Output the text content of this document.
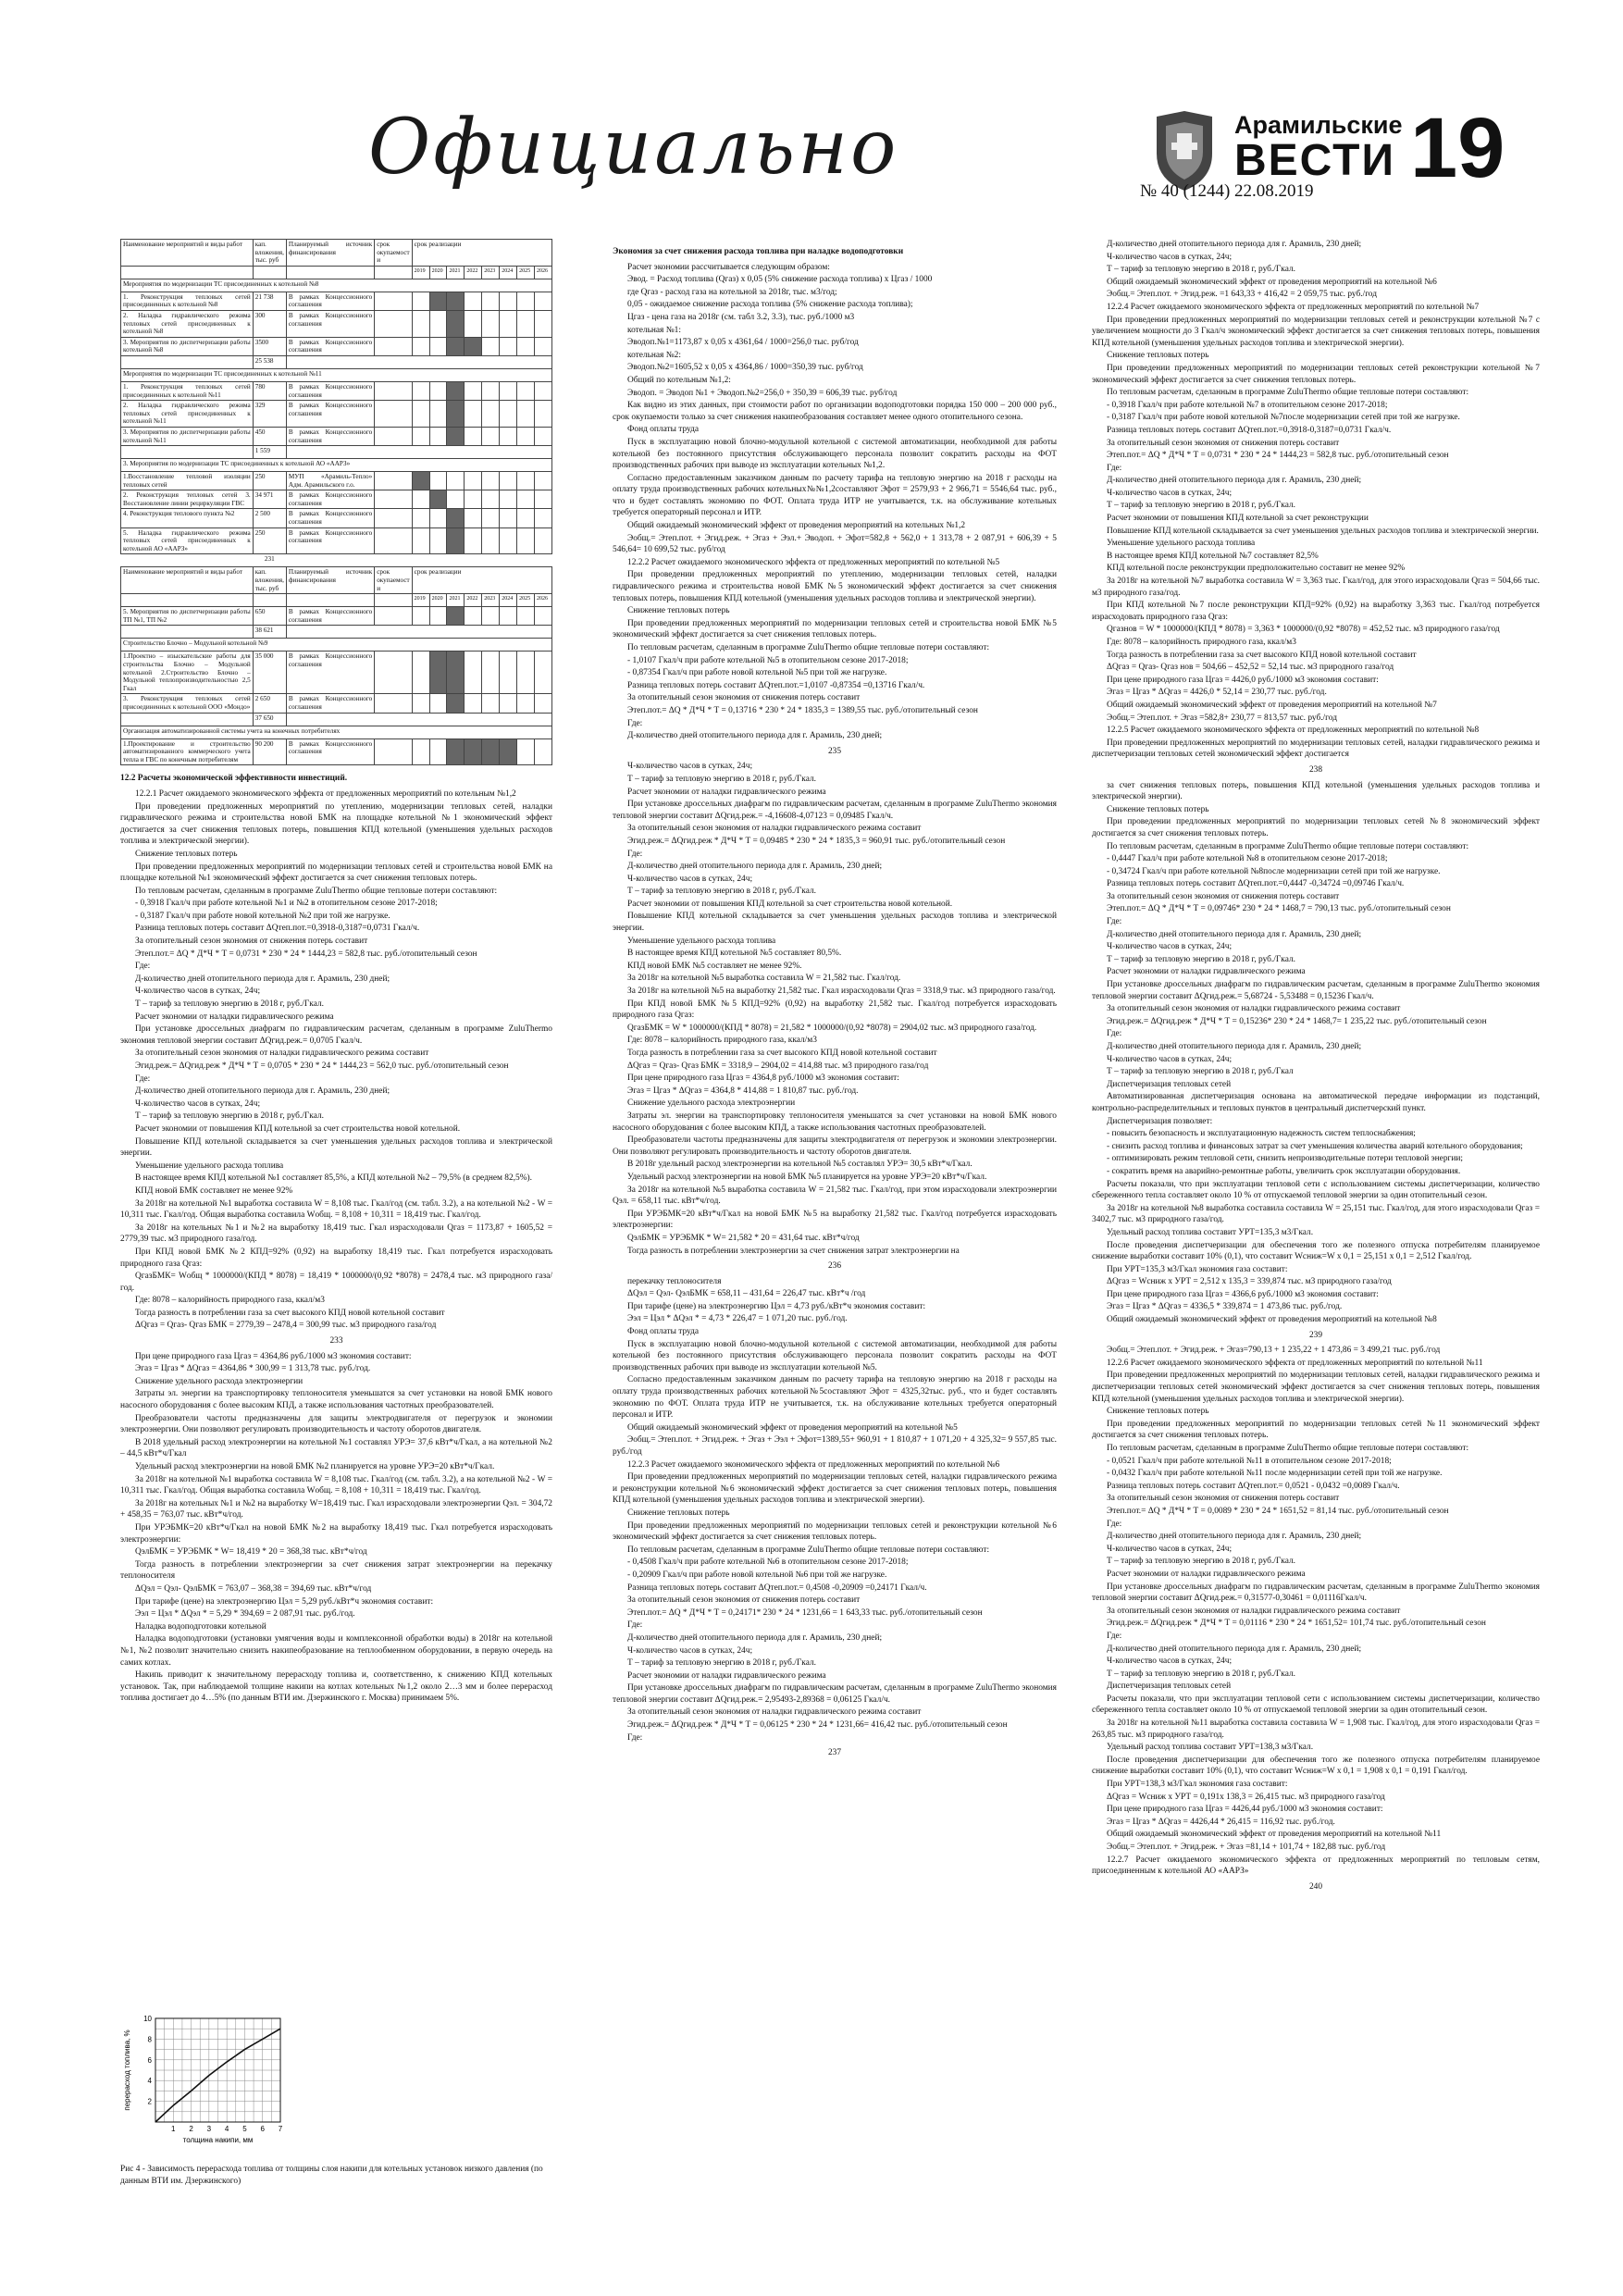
Официально	Арамильские
ВЕСТИ
№ 40 (1244) 22.08.2019 19
Наименование мероприятий и виды работ	кап. вложения, тыс. руб	Планируемый источник финансирования	срок окупаемост и	срок реализации							
				2019	2020	2021	2022	2023	2024	2025	2026
Мероприятия по модернизации ТС присоединенных к котельной №8											
1. Реконструкция тепловых сетей присоединенных к котельной №8	21 738	В рамках Концессионного соглашения									
2. Наладка гидравлического режима тепловых сетей присоединенных к котельной №8	300	В рамках Концессионного соглашения									
3. Мероприятия по диспетчеризации работы котельной №8	3500	В рамках Концессионного соглашения									
	25 538										
Мероприятия по модернизации ТС присоединенных к котельной №11											
1. Реконструкция тепловых сетей присоединенных к котельной №11	780	В рамках Концессионного соглашения									
2. Наладка гидравлического режима тепловых сетей присоединенных к котельной №11	329	В рамках Концессионного соглашения									
3. Мероприятия по диспетчеризации работы котельной №11	450	В рамках Концессионного соглашения									
	1 559										
3. Мероприятия по модернизации ТС присоединенных к котельной АО «ААРЗ»											
1.Восстановление тепловой изоляции тепловых сетей	250	МУП «Арамиль-Тепло» Адм. Арамильского г.о.									
2. Реконструкция тепловых сетей 3. Восстановление линии рециркуляции ГВС	34 971	В рамках Концессионного соглашения									
4. Реконструкция теплового пункта №2	2 500	В рамках Концессионного соглашения									
5. Наладка гидравлического режима тепловых сетей присоединенных к котельной АО «ААРЗ»	250	В рамках Концессионного соглашения									
	231										
Наименование мероприятий и виды работ	кап. вложения, тыс. руб	Планируемый источник финансирования	срок окупаемост и	срок реализации							
				2019	2020	2021	2022	2023	2024	2025	2026
5. Мероприятия по диспетчеризации работы ТП №1, ТП №2	650	В рамках Концессионного соглашения									
	38 621										
Строительство Блочно – Модульной котельной №9											
1.Проектно – изыскательские работы для строительства Блочно – Модульной котельной 2.Строительство Блочно – Модульной теплопроизводительностью 2,5 Гкал	35 000	В рамках Концессионного соглашения									
3. Реконструкция тепловых сетей присоединенных к котельной ООО «Мондо»	2 650	В рамках Концессионного соглашения									
	37 650										
Организация автоматизированной системы учета на конечных потребителях											
1.Проектирование и строительство автоматизированного коммерческого учета тепла и ГВС по конечным потребителям	90 200	В рамках Концессионного соглашения									

12.2 Расчеты экономической эффективности инвестиций.

12.2.1 Расчет ожидаемого экономического эффекта от предложенных мероприятий по котельным №1,2

При проведении предложенных мероприятий по утеплению, модернизации тепловых сетей, наладки гидравлического режима и строительства новой БМК на площадке котельной №1 экономический эффект достигается за счет снижения тепловых потерь, повышения КПД котельной (уменьшения удельных расходов топлива и электрической энергии).

Снижение тепловых потерь

При проведении предложенных мероприятий по модернизации тепловых сетей и строительства новой БМК на площадке котельной №1 экономический эффект достигается за счет снижения тепловых потерь.

По тепловым расчетам, сделанным в программе ZuluThermo общие тепловые потери составляют:

- 0,3918 Гкал/ч при работе котельной №1 и №2 в отопительном сезоне 2017-2018;

- 0,3187 Гкал/ч при работе новой котельной №2 при той же нагрузке.

Разница тепловых потерь составит ΔQтеп.пот.=0,3918-0,3187=0,0731 Гкал/ч.

За отопительный сезон экономия от снижения потерь составит

Этеп.пот.= ΔQ * Д*Ч * Т = 0,0731 * 230 * 24 * 1444,23 = 582,8 тыс. руб./отопительный сезон

Где:

Д-количество дней отопительного периода для г. Арамиль, 230 дней;

Ч-количество часов в сутках, 24ч;

Т – тариф за тепловую энергию в 2018 г, руб./Гкал.

Расчет экономии от наладки гидравлического режима

При установке дроссельных диафрагм по гидравлическим расчетам, сделанным в программе ZuluThermo экономия тепловой энергии составит ΔQгид.реж.= 0,0705 Гкал/ч.

За отопительный сезон экономия от наладки гидравлического режима составит

Эгид.реж.= ΔQгид.реж * Д*Ч * Т = 0,0705 * 230 * 24 * 1444,23 = 562,0 тыс. руб./отопительный сезон

Где:

Д-количество дней отопительного периода для г. Арамиль, 230 дней;

Ч-количество часов в сутках, 24ч;

Т – тариф за тепловую энергию в 2018 г, руб./Гкал.

Расчет экономии от повышения КПД котельной за счет строительства новой котельной.

Повышение КПД котельной складывается за счет уменьшения удельных расходов топлива и электрической энергии.

Уменьшение удельного расхода топлива

В настоящее время КПД котельной №1 составляет 85,5%, а КПД котельной №2 – 79,5% (в среднем 82,5%).

КПД новой БМК составляет не менее 92%

За 2018г на котельной №1 выработка составила W = 8,108 тыс. Гкал/год (см. табл. 3.2), а на котельной №2 - W = 10,311 тыс. Гкал/год. Общая выработка составила Wобщ. = 8,108 + 10,311 = 18,419 тыс. Гкал/год.

За 2018г на котельных №1 и №2 на выработку 18,419 тыс. Гкал израсходовали Qгаз = 1173,87 + 1605,52 = 2779,39 тыс. м3 природного газа/год.

При КПД новой БМК №2 КПД=92% (0,92) на выработку 18,419 тыс. Гкал потребуется израсходовать природного газа Qгаз:

QгазБМК= Wобщ * 1000000/(КПД * 8078) = 18,419 * 1000000/(0,92 *8078) = 2478,4 тыс. м3 природного газа/год.

Где: 8078 – калорийность природного газа, ккал/м3

Тогда разность в потреблении газа за счет высокого КПД новой котельной составит

ΔQгаз = Qгаз- Qгаз БМК = 2779,39 – 2478,4 = 300,99 тыс. м3 природного газа/год

233

При цене природного газа Цгаз = 4364,86 руб./1000 м3 экономия составит:

Эгаз = Цгаз * ΔQгаз = 4364,86 * 300,99 = 1 313,78 тыс. руб./год.

Снижение удельного расхода электроэнергии

Затраты эл. энергии на транспортировку теплоносителя уменьшатся за счет установки на новой БМК нового насосного оборудования с более высоким КПД, а также использования частотных преобразователей.

Преобразователи частоты предназначены для защиты электродвигателя от перегрузок и экономии электроэнергии. Они позволяют регулировать производительность и частоту оборотов двигателя.

В 2018 удельный расход электроэнергии на котельной №1 составлял УРЭ= 37,6 кВт*ч/Гкал, а на котельной №2 – 44,5 кВт*ч/Гкал

Удельный расход электроэнергии на новой БМК №2 планируется на уровне УРЭ=20 кВт*ч/Гкал.

За 2018г на котельной №1 выработка составила W = 8,108 тыс. Гкал/год (см. табл. 3.2), а на котельной №2 - W = 10,311 тыс. Гкал/год. Общая выработка составила Wобщ. = 8,108 + 10,311 = 18,419 тыс. Гкал/год.

За 2018г на котельных №1 и №2 на выработку W=18,419 тыс. Гкал израсходовали электроэнергии Qэл. = 304,72 + 458,35 = 763,07 тыс. кВт*ч/год.

При УРЭБМК=20 кВт*ч/Гкал на новой БМК №2 на выработку 18,419 тыс. Гкал потребуется израсходовать электроэнергии:

QэлБМК = УРЭБМК * W= 18,419 * 20 = 368,38 тыс. кВт*ч/год

Тогда разность в потреблении электроэнергии за счет снижения затрат электроэнергии на перекачку теплоносителя

ΔQэл = Qэл- QэлБМК = 763,07 – 368,38 = 394,69 тыс. кВт*ч/год

При тарифе (цене) на электроэнергию Цэл = 5,29 руб./кВт*ч экономия составит:

Ээл = Цэл * ΔQэл * = 5,29 * 394,69 = 2 087,91 тыс. руб./год.

Наладка водоподготовки котельной

Наладка водоподготовки (установки умягчения воды и комплексонной обработки воды) в 2018г на котельной №1, №2 позволит значительно снизить накипеобразование на теплообменном оборудовании, в первую очередь на самих котлах.

Накипь приводит к значительному перерасходу топлива и, соответственно, к снижению КПД котельных установок. Так, при наблюдаемой толщине накипи на котлах котельных №1,2 около 2…3 мм и более перерасход топлива достигает до 4…5% (по данным ВТИ им. Дзержинского г. Москва) принимаем 5%.

1 2 3 4 5 6 7
2
4
6
8
10
толщина накипи, мм
перерасход топлива, %
Рис 4 - Зависимость перерасхода топлива от толщины слоя накипи для котельных установок низкого давления (по данным ВТИ им. Дзержинского)

Экономия за счет снижения расхода топлива при наладке водоподготовки

Расчет экономии рассчитывается следующим образом:

Эвод. = Расход топлива (Qгаз) х 0,05 (5% снижение расхода топлива) х Цгаз / 1000

где Qгаз - расход газа на котельной за 2018г, тыс. м3/год;

0,05 - ожидаемое снижение расхода топлива (5% снижение расхода топлива);

Цгаз - цена газа на 2018г (см. табл 3.2, 3.3), тыс. руб./1000 м3

котельная №1:

Эводоп.№1=1173,87 х 0,05 х 4361,64 / 1000=256,0 тыс. руб/год

котельная №2:

Эводоп.№2=1605,52 х 0,05 х 4364,86 / 1000=350,39 тыс. руб/год

Общий по котельным №1,2:

Эводоп. = Эводоп №1 + Эводоп.№2=256,0 + 350,39 = 606,39 тыс. руб/год

Как видно из этих данных, при стоимости работ по организации водоподготовки порядка 150 000 – 200 000 руб., срок окупаемости только за счет снижения накипеобразования составляет менее одного отопительного сезона.

Фонд оплаты труда

Пуск в эксплуатацию новой блочно-модульной котельной с системой автоматизации, необходимой для работы котельной без постоянного присутствия обслуживающего персонала позволит сократить расходы на ФОТ производственных рабочих при выводе из эксплуатации котельных №1,2.

Согласно предоставленным заказчиком данным по расчету тарифа на тепловую энергию на 2018 г расходы на оплату труда производственных рабочих котельных№№1,2составляют Эфот = 2579,93 + 2 966,71 = 5546,64 тыс. руб., что и будет составлять экономию по ФОТ. Оплата труда ИТР не учитывается, т.к. на обслуживание котельных требуется операторный персонал и ИТР.

Общий ожидаемый экономический эффект от проведения мероприятий на котельных №1,2

Эобщ.= Этеп.пот. + Эгид.реж. + Эгаз + Ээл.+ Эводоп. + Эфот=582,8 + 562,0 + 1 313,78 + 2 087,91 + 606,39 + 5 546,64= 10 699,52 тыс. руб/год

12.2.2 Расчет ожидаемого экономического эффекта от предложенных мероприятий по котельной №5

При проведении предложенных мероприятий по утеплению, модернизации тепловых сетей, наладки гидравлического режима и строительства новой БМК №5 экономический эффект достигается за счет снижения тепловых потерь, повышения КПД котельной (уменьшения удельных расходов топлива и электрической энергии).

Снижение тепловых потерь

При проведении предложенных мероприятий по модернизации тепловых сетей и строительства новой БМК №5 экономический эффект достигается за счет снижения тепловых потерь.

По тепловым расчетам, сделанным в программе ZuluThermo общие тепловые потери составляют:

- 1,0107 Гкал/ч при работе котельной №5 в отопительном сезоне 2017-2018;

- 0,87354 Гкал/ч при работе новой котельной №5 при той же нагрузке.

Разница тепловых потерь составит ΔQтеп.пот.=1,0107 -0,87354 =0,13716 Гкал/ч.

За отопительный сезон экономия от снижения потерь составит

Этеп.пот.= ΔQ * Д*Ч * Т = 0,13716 * 230 * 24 * 1835,3 = 1389,55 тыс. руб./отопительный сезон

Где:

Д-количество дней отопительного периода для г. Арамиль, 230 дней;

235

Ч-количество часов в сутках, 24ч;

Т – тариф за тепловую энергию в 2018 г, руб./Гкал.

Расчет экономии от наладки гидравлического режима

При установке дроссельных диафрагм по гидравлическим расчетам, сделанным в программе ZuluThermo экономия тепловой энергии составит ΔQгид.реж.= -4,16608-4,07123 = 0,09485 Гкал/ч.

За отопительный сезон экономия от наладки гидравлического режима составит

Эгид.реж.= ΔQгид.реж * Д*Ч * Т = 0,09485 * 230 * 24 * 1835,3 = 960,91 тыс. руб./отопительный сезон

Где:

Д-количество дней отопительного периода для г. Арамиль, 230 дней;

Ч-количество часов в сутках, 24ч;

Т – тариф за тепловую энергию в 2018 г, руб./Гкал.

Расчет экономии от повышения КПД котельной за счет строительства новой котельной.

Повышение КПД котельной складывается за счет уменьшения удельных расходов топлива и электрической энергии.

Уменьшение удельного расхода топлива

В настоящее время КПД котельной №5 составляет 80,5%.

КПД новой БМК №5 составляет не менее 92%.

За 2018г на котельной №5 выработка составила W = 21,582 тыс. Гкал/год.

За 2018г на котельной №5 на выработку 21,582 тыс. Гкал израсходовали Qгаз = 3318,9 тыс. м3 природного газа/год.

При КПД новой БМК №5 КПД=92% (0,92) на выработку 21,582 тыс. Гкал/год потребуется израсходовать природного газа Qгаз:

QгазБМК = W * 1000000/(КПД * 8078) = 21,582 * 1000000/(0,92 *8078) = 2904,02 тыс. м3 природного газа/год.

Где: 8078 – калорийность природного газа, ккал/м3

Тогда разность в потреблении газа за счет высокого КПД новой котельной составит

ΔQгаз = Qгаз- Qгаз БМК = 3318,9 – 2904,02 = 414,88 тыс. м3 природного газа/год

При цене природного газа Цгаз = 4364,8 руб./1000 м3 экономия составит:

Эгаз = Цгаз * ΔQгаз = 4364,8 * 414,88 = 1 810,87 тыс. руб./год.

Снижение удельного расхода электроэнергии

Затраты эл. энергии на транспортировку теплоносителя уменьшатся за счет установки на новой БМК нового насосного оборудования с более высоким КПД, а также использования частотных преобразователей.

Преобразователи частоты предназначены для защиты электродвигателя от перегрузок и экономии электроэнергии. Они позволяют регулировать производительность и частоту оборотов двигателя.

В 2018г удельный расход электроэнергии на котельной №5 составлял УРЭ= 30,5 кВт*ч/Гкал.

Удельный расход электроэнергии на новой БМК №5 планируется на уровне УРЭ=20 кВт*ч/Гкал.

За 2018г на котельной №5 выработка составила W = 21,582 тыс. Гкал/год, при этом израсходовали электроэнергии Qэл. = 658,11 тыс. кВт*ч/год.

При УРЭБМК=20 кВт*ч/Гкал на новой БМК №5 на выработку 21,582 тыс. Гкал/год потребуется израсходовать электроэнергии:

QэлБМК = УРЭБМК * W= 21,582 * 20 = 431,64 тыс. кВт*ч/год

Тогда разность в потреблении электроэнергии за счет снижения затрат электроэнергии на

236

перекачку теплоносителя

ΔQэл = Qэл- QэлБМК = 658,11 – 431,64 = 226,47 тыс. кВт*ч /год

При тарифе (цене) на электроэнергию Цэл = 4,73 руб./кВт*ч экономия составит:

Ээл = Цэл * ΔQэл * = 4,73 * 226,47 = 1 071,20 тыс. руб./год.

Фонд оплаты труда

Пуск в эксплуатацию новой блочно-модульной котельной с системой автоматизации, необходимой для работы котельной без постоянного присутствия обслуживающего персонала позволит сократить расходы на ФОТ производственных рабочих при выводе из эксплуатации котельной №5.

Согласно предоставленным заказчиком данным по расчету тарифа на тепловую энергию на 2018 г расходы на оплату труда производственных рабочих котельной№5составляют Эфот = 4325,32тыс. руб., что и будет составлять экономию по ФОТ. Оплата труда ИТР не учитывается, т.к. на обслуживание котельных требуется операторный персонал и ИТР.

Общий ожидаемый экономический эффект от проведения мероприятий на котельной №5

Эобщ.= Этеп.пот. + Эгид.реж. + Эгаз + Ээл + Эфот=1389,55+ 960,91 + 1 810,87 + 1 071,20 + 4 325,32= 9 557,85 тыс. руб./год

12.2.3 Расчет ожидаемого экономического эффекта от предложенных мероприятий по котельной №6

При проведении предложенных мероприятий по модернизации тепловых сетей, наладки гидравлического режима и реконструкции котельной №6 экономический эффект достигается за счет снижения тепловых потерь, повышения КПД котельной (уменьшения удельных расходов топлива и электрической энергии).

Снижение тепловых потерь

При проведении предложенных мероприятий по модернизации тепловых сетей и реконструкции котельной №6 экономический эффект достигается за счет снижения тепловых потерь.

По тепловым расчетам, сделанным в программе ZuluThermo общие тепловые потери составляют:

- 0,4508 Гкал/ч при работе котельной №6 в отопительном сезоне 2017-2018;

- 0,20909 Гкал/ч при работе новой котельной №6 при той же нагрузке.

Разница тепловых потерь составит ΔQтеп.пот.= 0,4508 -0,20909 =0,24171 Гкал/ч.

За отопительный сезон экономия от снижения потерь составит

Этеп.пот.= ΔQ * Д*Ч * Т = 0,24171* 230 * 24 * 1231,66 = 1 643,33 тыс. руб./отопительный сезон

Где:

Д-количество дней отопительного периода для г. Арамиль, 230 дней;

Ч-количество часов в сутках, 24ч;

Т – тариф за тепловую энергию в 2018 г, руб./Гкал.

Расчет экономии от наладки гидравлического режима

При установке дроссельных диафрагм по гидравлическим расчетам, сделанным в программе ZuluThermo экономия тепловой энергии составит ΔQгид.реж.= 2,95493-2,89368 = 0,06125 Гкал/ч.

За отопительный сезон экономия от наладки гидравлического режима составит

Эгид.реж.= ΔQгид.реж * Д*Ч * Т = 0,06125 * 230 * 24 * 1231,66= 416,42 тыс. руб./отопительный сезон

Где:

237

Д-количество дней отопительного периода для г. Арамиль, 230 дней;

Ч-количество часов в сутках, 24ч;

Т – тариф за тепловую энергию в 2018 г, руб./Гкал.

Общий ожидаемый экономический эффект от проведения мероприятий на котельной №6

Эобщ.= Этеп.пот. + Эгид.реж. =1 643,33 + 416,42 = 2 059,75 тыс. руб./год

12.2.4 Расчет ожидаемого экономического эффекта от предложенных мероприятий по котельной №7

При проведении предложенных мероприятий по модернизации тепловых сетей и реконструкции котельной №7 с увеличением мощности до 3 Гкал/ч экономический эффект достигается за счет снижения тепловых потерь, повышения КПД котельной (уменьшения удельных расходов топлива и электрической энергии).

Снижение тепловых потерь

При проведении предложенных мероприятий по модернизации тепловых сетей реконструкции котельной №7 экономический эффект достигается за счет снижения тепловых потерь.

По тепловым расчетам, сделанным в программе ZuluThermo общие тепловые потери составляют:

- 0,3918 Гкал/ч при работе котельной №7 в отопительном сезоне 2017-2018;

- 0,3187 Гкал/ч при работе новой котельной №7после модернизации сетей при той же нагрузке.

Разница тепловых потерь составит ΔQтеп.пот.=0,3918-0,3187=0,0731 Гкал/ч.

За отопительный сезон экономия от снижения потерь составит

Этеп.пот.= ΔQ * Д*Ч * Т = 0,0731 * 230 * 24 * 1444,23 = 582,8 тыс. руб./отопительный сезон

Где:

Д-количество дней отопительного периода для г. Арамиль, 230 дней;

Ч-количество часов в сутках, 24ч;

Т – тариф за тепловую энергию в 2018 г, руб./Гкал.

Расчет экономии от повышения КПД котельной за счет реконструкции

Повышение КПД котельной складывается за счет уменьшения удельных расходов топлива и электрической энергии.

Уменьшение удельного расхода топлива

В настоящее время КПД котельной №7 составляет 82,5%

КПД котельной после реконструкции предположительно составит не менее 92%

За 2018г на котельной №7 выработка составила W = 3,363 тыс. Гкал/год, для этого израсходовали Qгаз = 504,66 тыс. м3 природного газа/год.

При КПД котельной №7 после реконструкции КПД=92% (0,92) на выработку 3,363 тыс. Гкал/год потребуется израсходовать природного газа Qгаз:

Qгазнов = W * 1000000/(КПД * 8078) = 3,363 * 1000000/(0,92 *8078) = 452,52 тыс. м3 природного газа/год

Где: 8078 – калорийность природного газа, ккал/м3

Тогда разность в потреблении газа за счет высокого КПД новой котельной составит

ΔQгаз = Qгаз- Qгаз нов = 504,66 – 452,52 = 52,14 тыс. м3 природного газа/год

При цене природного газа Цгаз = 4426,0 руб./1000 м3 экономия составит:

Эгаз = Цгаз * ΔQгаз = 4426,0 * 52,14 = 230,77 тыс. руб./год.

Общий ожидаемый экономический эффект от проведения мероприятий на котельной №7

Эобщ.= Этеп.пот. + Эгаз =582,8+ 230,77 = 813,57 тыс. руб./год

12.2.5 Расчет ожидаемого экономического эффекта от предложенных мероприятий по котельной №8

При проведении предложенных мероприятий по модернизации тепловых сетей, наладки гидравлического режима и диспетчеризации тепловых сетей экономический эффект достигается

238

за счет снижения тепловых потерь, повышения КПД котельной (уменьшения удельных расходов топлива и электрической энергии).

Снижение тепловых потерь

При проведении предложенных мероприятий по модернизации тепловых сетей №8 экономический эффект достигается за счет снижения тепловых потерь.

По тепловым расчетам, сделанным в программе ZuluThermo общие тепловые потери составляют:

- 0,4447 Гкал/ч при работе котельной №8 в отопительном сезоне 2017-2018;

- 0,34724 Гкал/ч при работе котельной №8после модернизации сетей при той же нагрузке.

Разница тепловых потерь составит ΔQтеп.пот.=0,4447 -0,34724 =0,09746 Гкал/ч.

За отопительный сезон экономия от снижения потерь составит

Этеп.пот.= ΔQ * Д*Ч * Т = 0,09746* 230 * 24 * 1468,7 = 790,13 тыс. руб./отопительный сезон

Где:

Д-количество дней отопительного периода для г. Арамиль, 230 дней;

Ч-количество часов в сутках, 24ч;

Т – тариф за тепловую энергию в 2018 г, руб./Гкал.

Расчет экономии от наладки гидравлического режима

При установке дроссельных диафрагм по гидравлическим расчетам, сделанным в программе ZuluThermo экономия тепловой энергии составит ΔQгид.реж.= 5,68724 - 5,53488 = 0,15236 Гкал/ч.

За отопительный сезон экономия от наладки гидравлического режима составит

Эгид.реж.= ΔQгид.реж * Д*Ч * Т = 0,15236* 230 * 24 * 1468,7= 1 235,22 тыс. руб./отопительный сезон

Где:

Д-количество дней отопительного периода для г. Арамиль, 230 дней;

Ч-количество часов в сутках, 24ч;

Т – тариф за тепловую энергию в 2018 г, руб./Гкал

Диспетчеризация тепловых сетей

Автоматизированная диспетчеризация основана на автоматической передаче информации из подстанций, контрольно-распределительных и тепловых пунктов в центральный диспетчерский пункт.

Диспетчеризация позволяет:

- повысить безопасность и эксплуатационную надежность систем теплоснабжения;

- снизить расход топлива и финансовых затрат за счет уменьшения количества аварий котельного оборудования;

- оптимизировать режим тепловой сети, снизить непроизводительные потери тепловой энергии;

- сократить время на аварийно-ремонтные работы, увеличить срок эксплуатации оборудования.

Расчеты показали, что при эксплуатации тепловой сети с использованием системы диспетчеризации, количество сбереженного тепла составляет около 10 % от отпускаемой тепловой энергии за один отопительный сезон.

За 2018г на котельной №8 выработка составила составила W = 25,151 тыс. Гкал/год, для этого израсходовали Qгаз = 3402,7 тыс. м3 природного газа/год.

Удельный расход топлива составит УРТ=135,3 м3/Гкал.

После проведения диспетчеризации для обеспечения того же полезного отпуска потребителям планируемое снижение выработки составит 10% (0,1), что составит Wсниж=W х 0,1 = 25,151 х 0,1 = 2,512 Гкал/год.

При УРТ=135,3 м3/Гкал экономия газа составит:

ΔQгаз = Wсниж х УРТ = 2,512 х 135,3 = 339,874 тыс. м3 природного газа/год

При цене природного газа Цгаз = 4366,6 руб./1000 м3 экономия составит:

Эгаз = Цгаз * ΔQгаз = 4336,5 * 339,874 = 1 473,86 тыс. руб./год.

Общий ожидаемый экономический эффект от проведения мероприятий на котельной №8

239

Эобщ.= Этеп.пот. + Эгид.реж. + Эгаз=790,13 + 1 235,22 + 1 473,86 = 3 499,21 тыс. руб./год

12.2.6 Расчет ожидаемого экономического эффекта от предложенных мероприятий по котельной №11

При проведении предложенных мероприятий по модернизации тепловых сетей, наладки гидравлического режима и диспетчеризации тепловых сетей экономический эффект достигается за счет снижения тепловых потерь, повышения КПД котельной (уменьшения удельных расходов топлива и электрической энергии).

Снижение тепловых потерь

При проведении предложенных мероприятий по модернизации тепловых сетей №11 экономический эффект достигается за счет снижения тепловых потерь.

По тепловым расчетам, сделанным в программе ZuluThermo общие тепловые потери составляют:

- 0,0521 Гкал/ч при работе котельной №11 в отопительном сезоне 2017-2018;

- 0,0432 Гкал/ч при работе котельной №11 после модернизации сетей при той же нагрузке.

Разница тепловых потерь составит ΔQтеп.пот.= 0,0521 - 0,0432 =0,0089 Гкал/ч.

За отопительный сезон экономия от снижения потерь составит

Этеп.пот.= ΔQ * Д*Ч * Т = 0,0089 * 230 * 24 * 1651,52 = 81,14 тыс. руб./отопительный сезон

Где:

Д-количество дней отопительного периода для г. Арамиль, 230 дней;

Ч-количество часов в сутках, 24ч;

Т – тариф за тепловую энергию в 2018 г, руб./Гкал.

Расчет экономии от наладки гидравлического режима

При установке дроссельных диафрагм по гидравлическим расчетам, сделанным в программе ZuluThermo экономия тепловой энергии составит ΔQгид.реж.= 0,31577-0,30461 = 0,01116Гкал/ч.

За отопительный сезон экономия от наладки гидравлического режима составит

Эгид.реж.= ΔQгид.реж * Д*Ч * Т = 0,01116 * 230 * 24 * 1651,52= 101,74 тыс. руб./отопительный сезон

Где:

Д-количество дней отопительного периода для г. Арамиль, 230 дней;

Ч-количество часов в сутках, 24ч;

Т – тариф за тепловую энергию в 2018 г, руб./Гкал.

Диспетчеризация тепловых сетей

Расчеты показали, что при эксплуатации тепловой сети с использованием системы диспетчеризации, количество сбереженного тепла составляет около 10 % от отпускаемой тепловой энергии за один отопительный сезон.

За 2018г на котельной №11 выработка составила составила W = 1,908 тыс. Гкал/год, для этого израсходовали Qгаз = 263,85 тыс. м3 природного газа/год.

Удельный расход топлива составит УРТ=138,3 м3/Гкал.

После проведения диспетчеризации для обеспечения того же полезного отпуска потребителям планируемое снижение выработки составит 10% (0,1), что составит Wсниж=W х 0,1 = 1,908 х 0,1 = 0,191 Гкал/год.

При УРТ=138,3 м3/Гкал экономия газа составит:

ΔQгаз = Wсниж х УРТ = 0,191х 138,3 = 26,415 тыс. м3 природного газа/год

При цене природного газа Цгаз = 4426,44 руб./1000 м3 экономия составит:

Эгаз = Цгаз * ΔQгаз = 4426,44 * 26,415 = 116,92 тыс. руб./год.

Общий ожидаемый экономический эффект от проведения мероприятий на котельной №11

Эобщ.= Этеп.пот. + Эгид.реж. + Эгаз =81,14 + 101,74 + 182,88 тыс. руб./год

12.2.7 Расчет ожидаемого экономического эффекта от предложенных мероприятий по тепловым сетям, присоединенным к котельной АО «ААРЗ»

240
